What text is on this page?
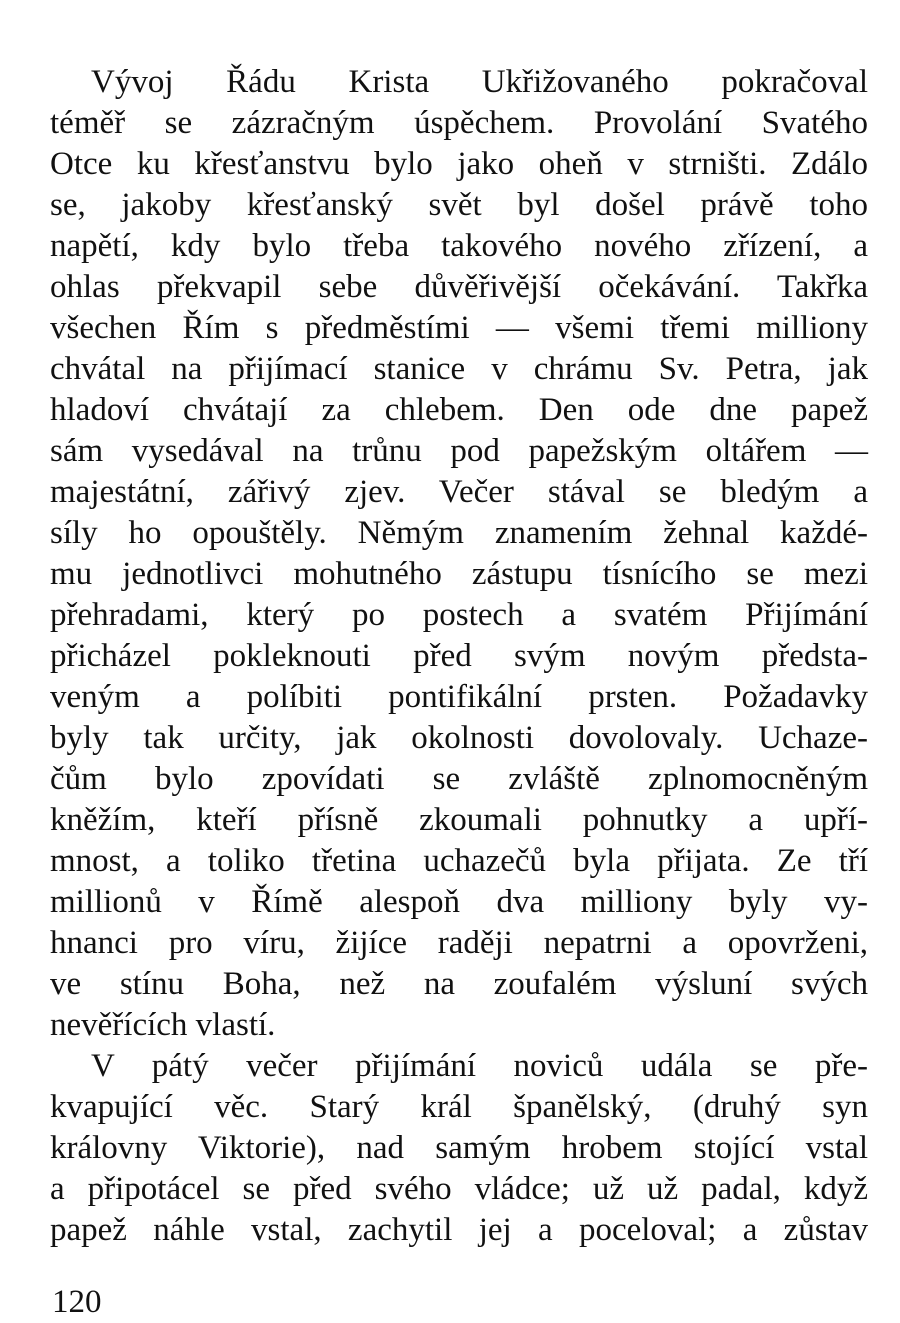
Vývoj Řádu Krista Ukřižovaného pokračoval
téměř se zázračným úspěchem. Provolání Svatého
Otce ku křesťanstvu bylo jako oheň v strništi. Zdálo
se, jakoby křesťanský svět byl došel právě toho
napětí, kdy bylo třeba takového nového zřízení, a
ohlas překvapil sebe důvěřivější očekávání. Takřka
všechen Řím s předměstími — všemi třemi milliony
chvátal na přijímací stanice v chrámu Sv. Petra, jak
hladoví chvátají za chlebem. Den ode dne papež
sám vysedával na trůnu pod papežským oltářem —
majestátní, zářivý zjev. Večer stával se bledým a
síly ho opouštěly. Němým znamením žehnal každé-
mu jednotlivci mohutného zástupu tísnícího se mezi
přehradami, který po postech a svatém Přijímání
přicházel pokleknouti před svým novým předsta-
veným a políbiti pontifikální prsten. Požadavky
byly tak určity, jak okolnosti dovolovaly. Uchaze-
čům bylo zpovídati se zvláště zplnomocněným
kněžím, kteří přísně zkoumali pohnutky a upří-
mnost, a toliko třetina uchazečů byla přijata. Ze tří
millionů v Římě alespoň dva milliony byly vy-
hnanci pro víru, žijíce raději nepatrni a opovrženi,
ve stínu Boha, než na zoufalém výsluní svých
nevěřících vlastí.
V pátý večer přijímání noviců udála se pře-
kvapující věc. Starý král španělský, (druhý syn
královny Viktorie), nad samým hrobem stojící vstal
a připotácel se před svého vládce; už už padal, když
papež náhle vstal, zachytil jej a poceloval; a zůstav
120
